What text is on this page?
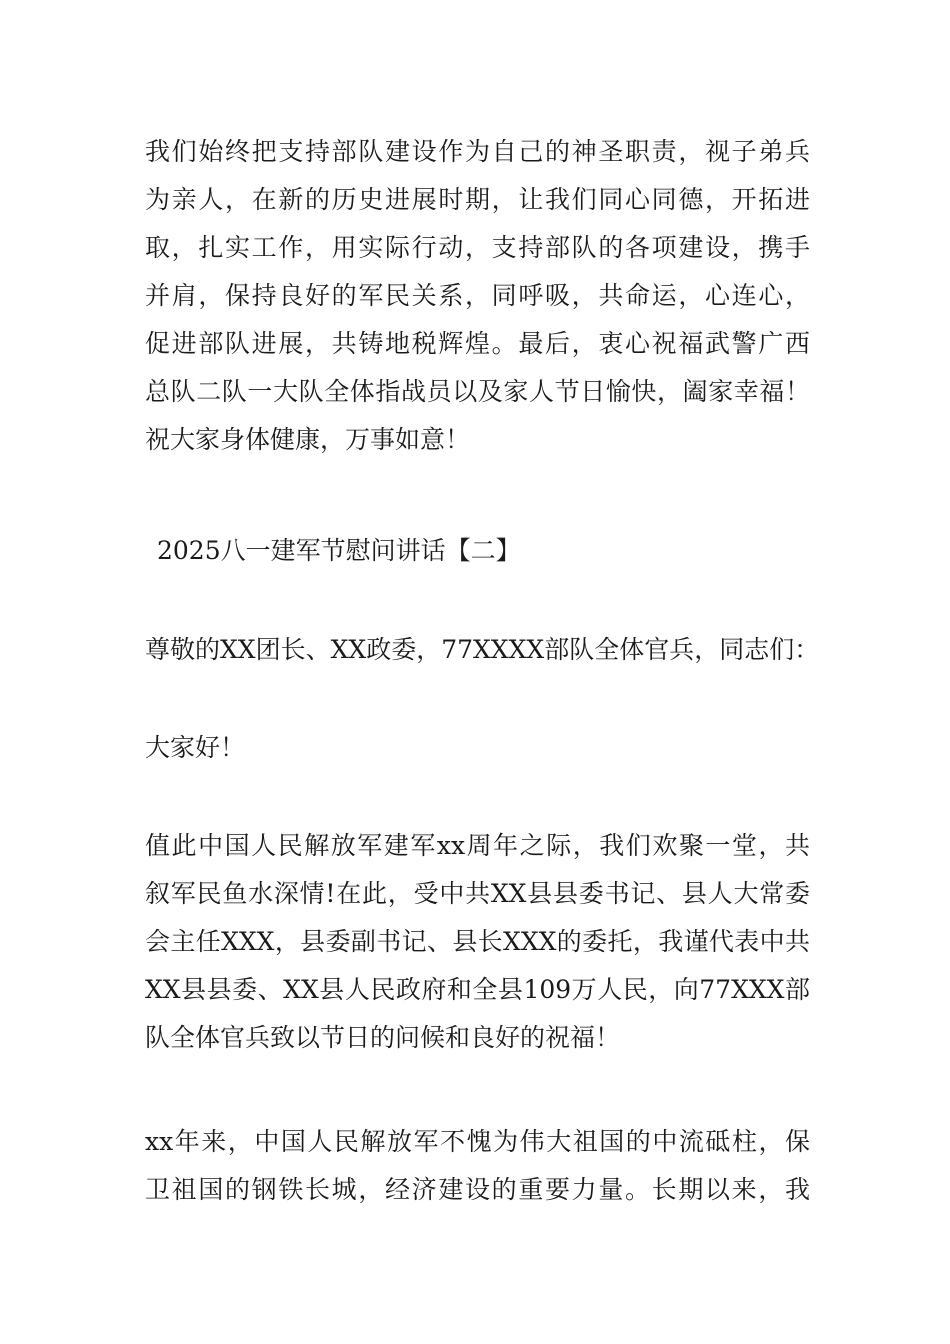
我们始终把支持部队建设作为自己的神圣职责，视子弟兵
为亲人，在新的历史进展时期，让我们同心同德，开拓进
取，扎实工作，用实际行动，支持部队的各项建设，携手
并肩，保持良好的军民关系，同呼吸，共命运，心连心，
促进部队进展，共铸地税辉煌。最后，衷心祝福武警广西
总队二队一大队全体指战员以及家人节日愉快，阖家幸福！
祝大家身体健康，万事如意！
2025八一建军节慰问讲话【二】
尊敬的XX团长、XX政委，77XXXX部队全体官兵，同志们：
大家好！
值此中国人民解放军建军xx周年之际，我们欢聚一堂，共
叙军民鱼水深情!在此，受中共XX县县委书记、县人大常委
会主任XXX，县委副书记、县长XXX的委托，我谨代表中共
XX县县委、XX县人民政府和全县109万人民，向77XXX部
队全体官兵致以节日的问候和良好的祝福！
xx年来，中国人民解放军不愧为伟大祖国的中流砥柱，保
卫祖国的钢铁长城，经济建设的重要力量。长期以来，我
